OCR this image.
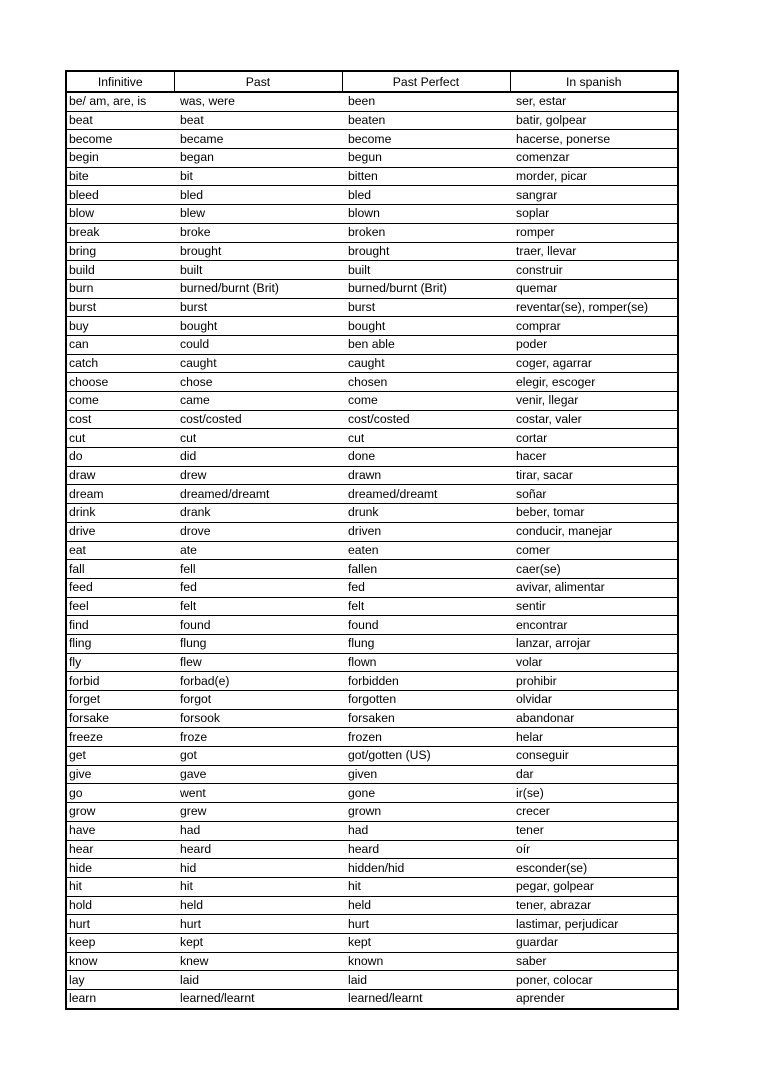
Infinitive	Past	Past Perfect	In spanish
be/ am, are, is	was, were	been	ser, estar
beat	beat	beaten	batir, golpear
become	became	become	hacerse, ponerse
begin	began	begun	comenzar
bite	bit	bitten	morder, picar
bleed	bled	bled	sangrar
blow	blew	blown	soplar
break	broke	broken	romper
bring	brought	brought	traer, llevar
build	built	built	construir
burn	burned/burnt (Brit)	burned/burnt (Brit)	quemar
burst	burst	burst	reventar(se), romper(se)
buy	bought	bought	comprar
can	could	ben able	poder
catch	caught	caught	coger, agarrar
choose	chose	chosen	elegir, escoger
come	came	come	venir, llegar
cost	cost/costed	cost/costed	costar, valer
cut	cut	cut	cortar
do	did	done	hacer
draw	drew	drawn	tirar, sacar
dream	dreamed/dreamt	dreamed/dreamt	soñar
drink	drank	drunk	beber, tomar
drive	drove	driven	conducir, manejar
eat	ate	eaten	comer
fall	fell	fallen	caer(se)
feed	fed	fed	avivar, alimentar
feel	felt	felt	sentir
find	found	found	encontrar
fling	flung	flung	lanzar, arrojar
fly	flew	flown	volar
forbid	forbad(e)	forbidden	prohibir
forget	forgot	forgotten	olvidar
forsake	forsook	forsaken	abandonar
freeze	froze	frozen	helar
get	got	got/gotten (US)	conseguir
give	gave	given	dar
go	went	gone	ir(se)
grow	grew	grown	crecer
have	had	had	tener
hear	heard	heard	oír
hide	hid	hidden/hid	esconder(se)
hit	hit	hit	pegar, golpear
hold	held	held	tener, abrazar
hurt	hurt	hurt	lastimar, perjudicar
keep	kept	kept	guardar
know	knew	known	saber
lay	laid	laid	poner, colocar
learn	learned/learnt	learned/learnt	aprender
